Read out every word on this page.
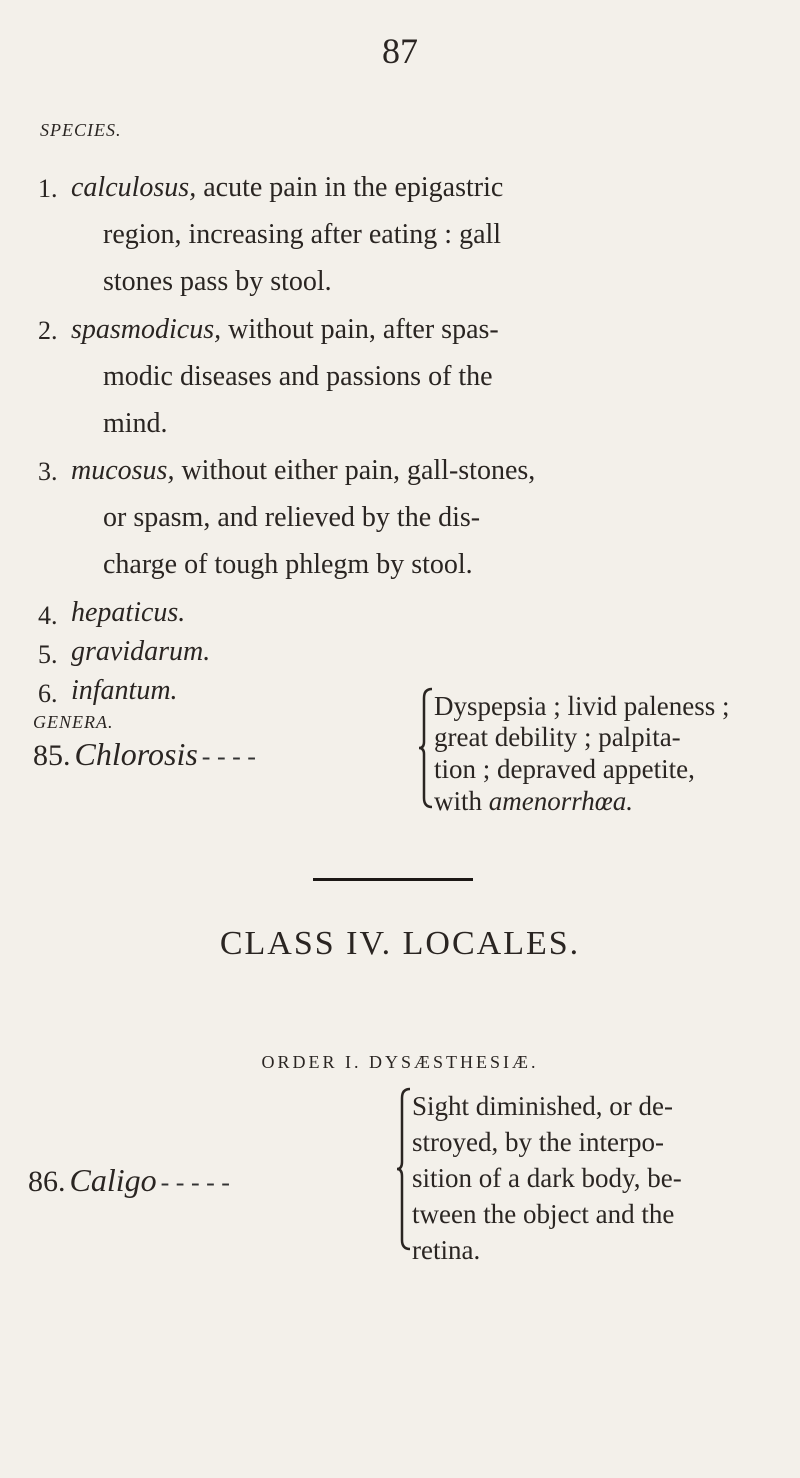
87
SPECIES.
1. calculosus, acute pain in the epigastric
region, increasing after eating : gall
stones pass by stool.
2. spasmodicus, without pain, after spas-
modic diseases and passions of the
mind.
3. mucosus, without either pain, gall-stones,
or spasm, and relieved by the dis-
charge of tough phlegm by stool.
4. hepaticus.
5. gravidarum.
6. infantum.
GENERA.
85. Chlorosis - - - -
Dyspepsia ; livid paleness ;
great debility ; palpita-
tion ; depraved appetite,
with amenorrhœa.
CLASS IV. LOCALES.
ORDER I. DYSÆSTHESIÆ.
86. Caligo - - - - -
Sight diminished, or de-
stroyed, by the interpo-
sition of a dark body, be-
tween the object and the
retina.
